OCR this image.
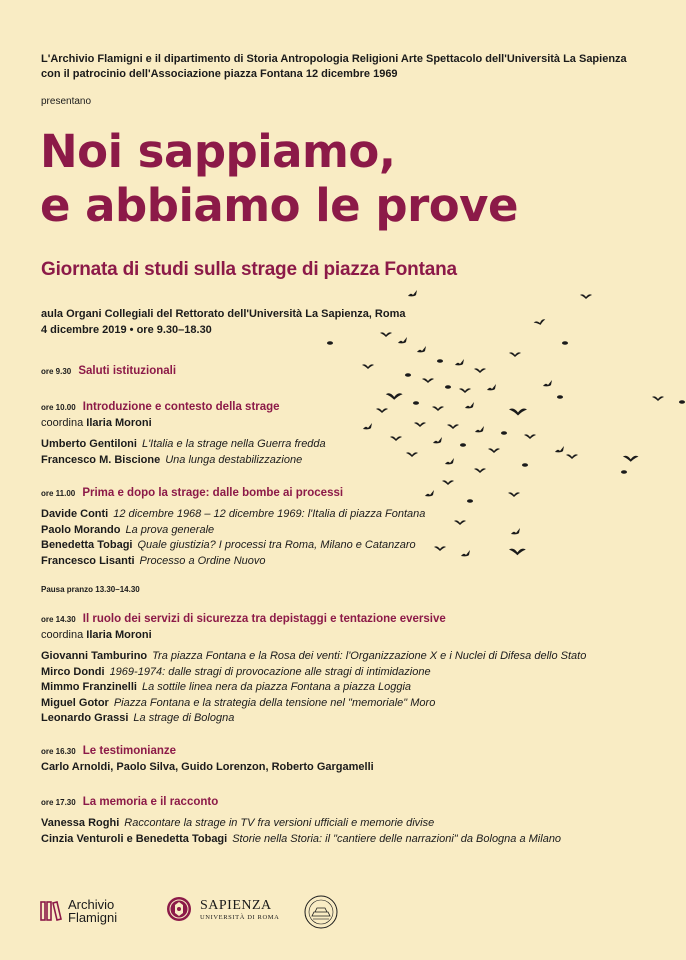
L'Archivio Flamigni e il dipartimento di Storia Antropologia Religioni Arte Spettacolo dell'Università La Sapienza
con il patrocinio dell'Associazione piazza Fontana 12 dicembre 1969
presentano
Noi sappiamo,
e abbiamo le prove
Giornata di studi sulla strage di piazza Fontana
aula Organi Collegiali del Rettorato dell'Università La Sapienza, Roma
4 dicembre 2019 • ore 9.30–18.30
ore 9.30 Saluti istituzionali
ore 10.00 Introduzione e contesto della strage
coordina Ilaria Moroni
Umberto Gentiloni L'Italia e la strage nella Guerra fredda
Francesco M. Biscione Una lunga destabilizzazione
ore 11.00 Prima e dopo la strage: dalle bombe ai processi
Davide Conti 12 dicembre 1968 – 12 dicembre 1969: l'Italia di piazza Fontana
Paolo Morando La prova generale
Benedetta Tobagi Quale giustizia? I processi tra Roma, Milano e Catanzaro
Francesco Lisanti Processo a Ordine Nuovo
Pausa pranzo 13.30–14.30
ore 14.30 Il ruolo dei servizi di sicurezza tra depistaggi e tentazione eversive
coordina Ilaria Moroni
Giovanni Tamburino Tra piazza Fontana e la Rosa dei venti: l'Organizzazione X e i Nuclei di Difesa dello Stato
Mirco Dondi 1969-1974: dalle stragi di provocazione alle stragi di intimidazione
Mimmo Franzinelli La sottile linea nera da piazza Fontana a piazza Loggia
Miguel Gotor Piazza Fontana e la strategia della tensione nel "memoriale" Moro
Leonardo Grassi La strage di Bologna
ore 16.30 Le testimonianze
Carlo Arnoldi, Paolo Silva, Guido Lorenzon, Roberto Gargamelli
ore 17.30 La memoria e il racconto
Vanessa Roghi Raccontare la strage in TV fra versioni ufficiali e memorie divise
Cinzia Venturoli e Benedetta Tobagi Storie nella Storia: il "cantiere delle narrazioni" da Bologna a Milano
Archivio
Flamigni
SAPIENZA
UNIVERSITÀ DI ROMA
